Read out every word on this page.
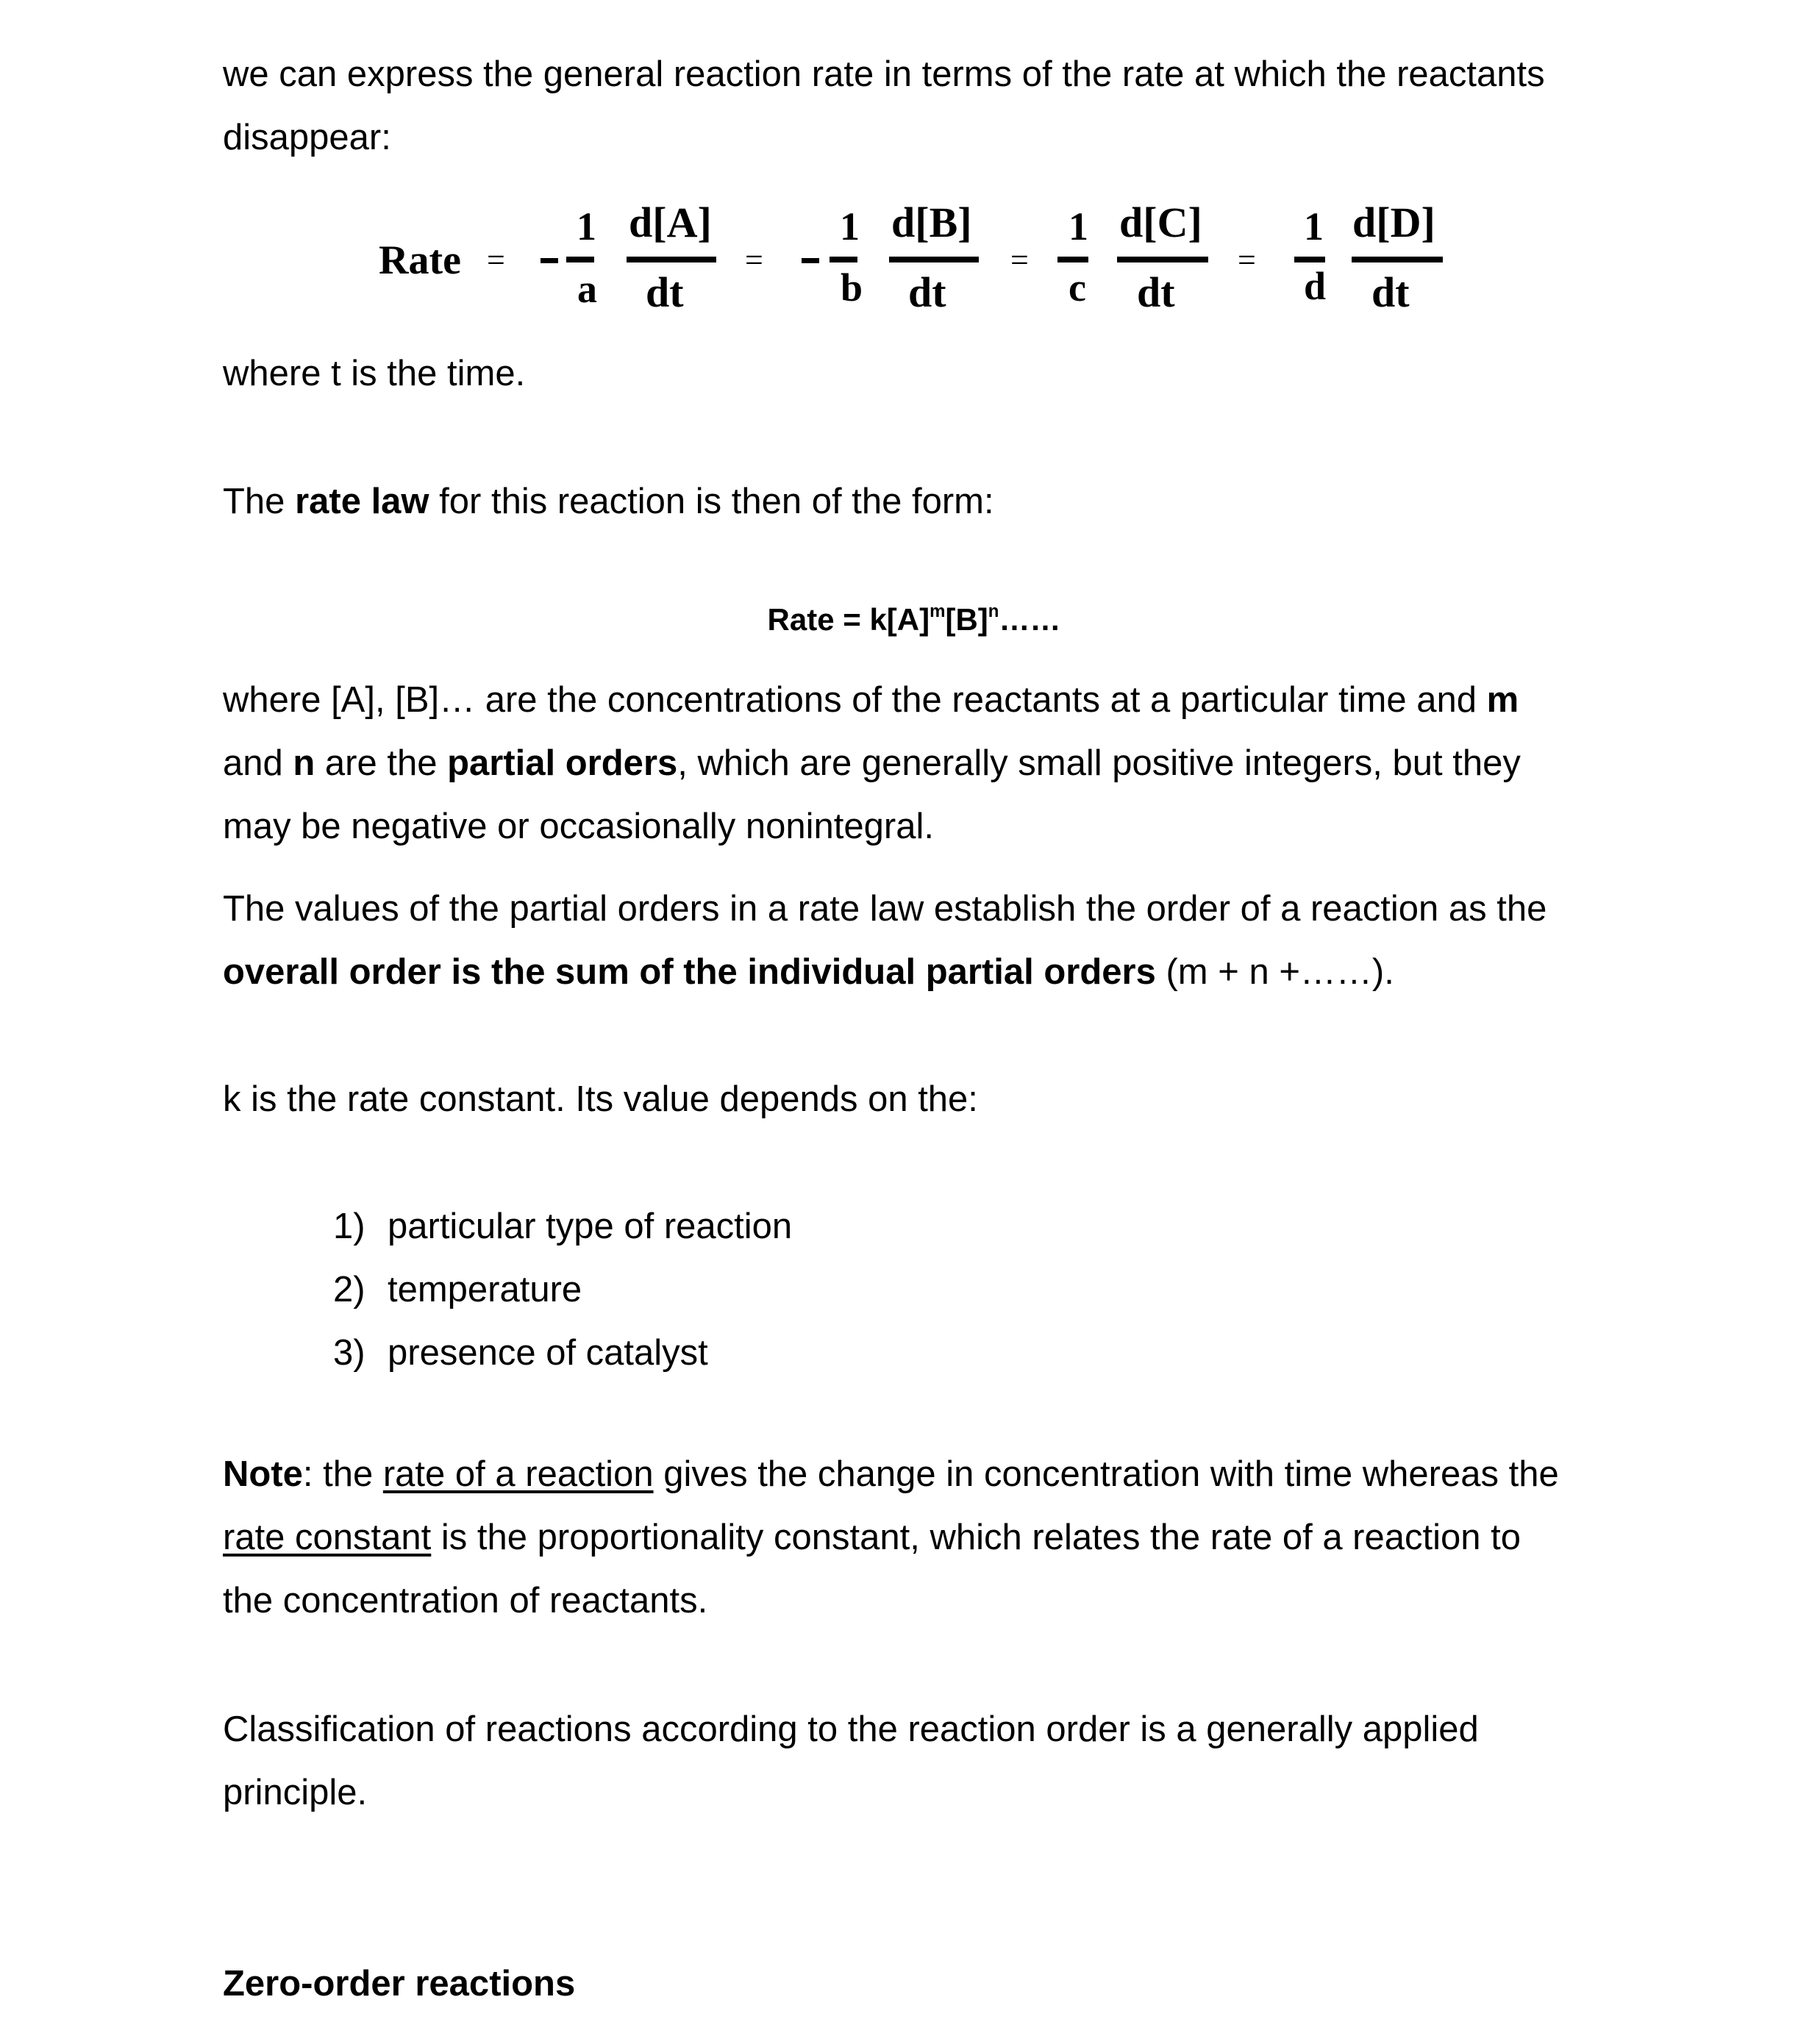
we can express the general reaction rate in terms of the rate at which the reactants
disappear:

where t is the time.

The rate law for this reaction is then of the form:

Rate = $k[A]^m[B]^n\dots\dots$

where [A], [B]… are the concentrations of the reactants at a particular time and m
and n are the partial orders, which are generally small positive integers, but they
may be negative or occasionally nonintegral.

The values of the partial orders in a rate law establish the order of a reaction as the
overall order is the sum of the individual partial orders (m + n +……).

k is the rate constant. Its value depends on the:

1) particular type of reaction
2) temperature
3) presence of catalyst

Note: the rate of a reaction gives the change in concentration with time whereas the
rate constant is the proportionality constant, which relates the rate of a reaction to
the concentration of reactants.

Classification of reactions according to the reaction order is a generally applied
principle.

Zero-order reactions
Rate =	=	=	=
1
a
d[A]
dt
1
b
d[B]
dt
1
c
d[C]
dt
1
d
d[D]
dt
